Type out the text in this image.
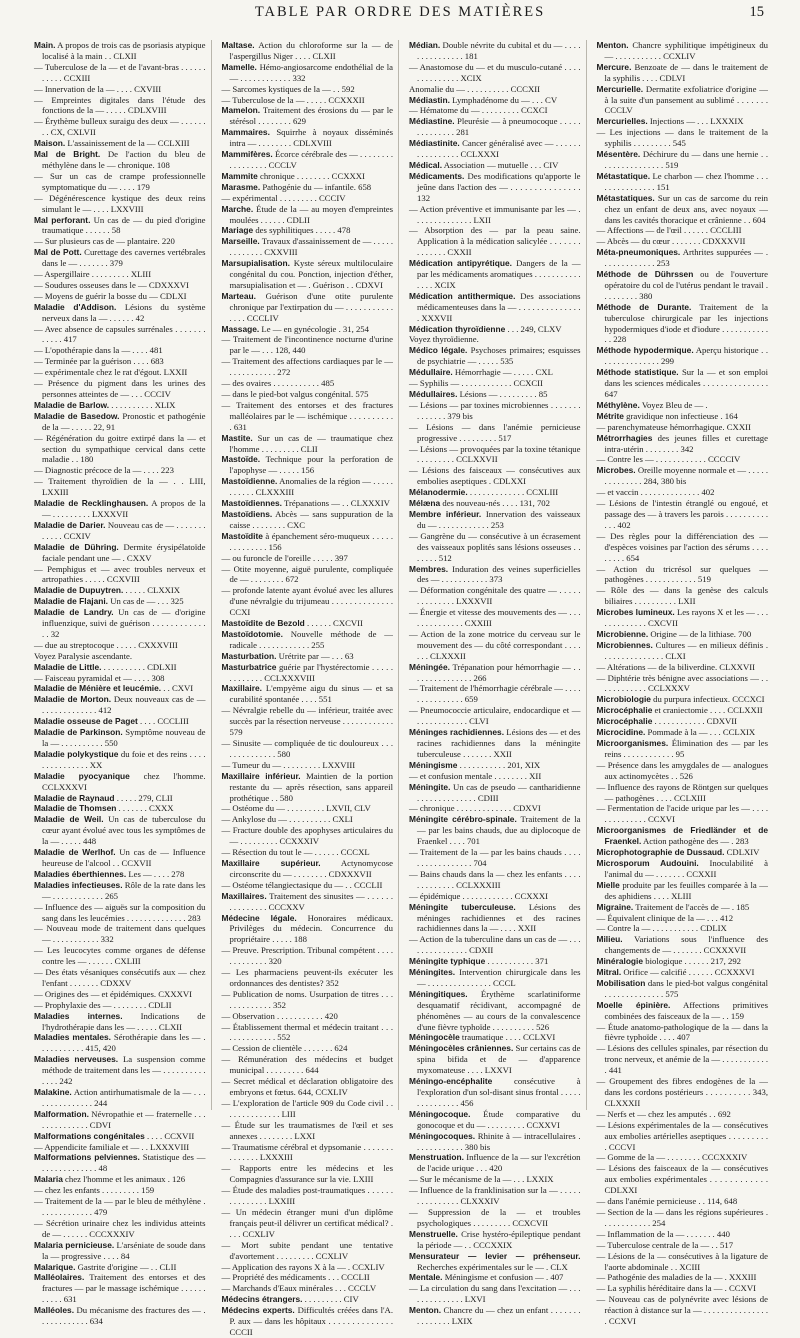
TABLE PAR ORDRE DES MATIÈRES	15

Main. A propos de trois cas de psoriasis atypique localisé à la main . . CLXII

— Tuberculose de la — et de l'avant-bras . . . . . . . . . . . CCXIII

— Innervation de la — . . . . CXVIII

— Empreintes digitales dans l'étude des fonctions de la — . . . . . CDLXVIII

— Érythème bulleux suraigu des deux — . . . . . . . . CX, CXLVII

Maison. L'assainissement de la — CCLXIII

Mal de Bright. De l'action du bleu de méthylène dans le — chronique. 108

— Sur un cas de crampe professionnelle symptomatique du — . . . . 179

— Dégénérescence kystique des deux reins simulant le — . . . . LXXVIII

Mal perforant. Un cas de — du pied d'origine traumatique . . . . . . 58

— Sur plusieurs cas de — plantaire. 220

Mal de Pott. Curettage des cavernes vertébrales dans le — . . . . . . . 379

— Aspergillaire . . . . . . . . . XLIII

— Soudures osseuses dans le — CDXXXVI

— Moyens de guérir la bosse du — CDLXI

Maladie d'Addison. Lésions du système nerveux dans la — . . . . . . 42

— Avec absence de capsules surrénales . . . . . . . . . . . . 417

— L'opothérapie dans la — . . . . 481

— Terminée par la guérison . . . . 683

— expérimentale chez le rat d'égout. LXXII

— Présence du pigment dans les urines des personnes atteintes de — . . . CCCIV

Maladie de Barlow. . . . . . . . . . . XLIX

Maladie de Basedow. Pronostic et pathogénie de la — . . . . . 22, 91

— Régénération du goitre extirpé dans la — et section du sympathique cervical dans cette maladie . . 180

— Diagnostic précoce de la — . . . . 223

— Traitement thyroïdien de la — . . LIII, LXXIII

Maladie de Recklinghausen. A propos de la — . . . . . . . . . LXXXVII

Maladie de Darier. Nouveau cas de — . . . . . . . . . . . . CCXIV

Maladie de Dühring. Dermite érysipélatoïde faciale pendant une — . CXXV

— Pemphigus et — avec troubles nerveux et artropathies . . . . . CCXVIII

Maladie de Dupuytren. . . . . . CLXXIX

Maladie de Flajani. Un cas de — . . . 325

Maladie de Landry. Un cas de — d'origine influenzique, suivi de guérison . . . . . . . . . . . . . . 32

— due au streptocoque . . . . . CXXXVIII

Voyez Paralysie ascendante.

Maladie de Little. . . . . . . . . . . CDLXII

— Faisceau pyramidal et — . . . . 308

Maladie de Ménière et leucémie. . . CXVI

Maladie de Morton. Deux nouveaux cas de — . . . . . . . . . . . . . 412

Maladie osseuse de Paget . . . . CCCLIII

Maladie de Parkinson. Symptôme nouveau de la — . . . . . . . . . . 550

Maladie polykystique du foie et des reins . . . . . . . . . . . . . . . XX

Maladie pyocyanique chez l'homme. CCLXXXVI

Maladie de Raynaud . . . . . 279, CLII

Maladie de Thomsen . . . . . . . CXXX

Maladie de Weil. Un cas de tuberculose du cœur ayant évolué avec tous les symptômes de la — . . . . . 448

Maladie de Werlhof. Un cas de — Influence heureuse de l'alcool . . CCXVII

Maladies éberthiennes. Les — . . . . 278

Maladies infectieuses. Rôle de la rate dans les — . . . . . . . . . . . . 265

— Influence des — aiguës sur la composition du sang dans les leucémies . . . . . . . . . . . . . . 283

— Nouveau mode de traitement dans quelques — . . . . . . . . . . . 332

— Les leucocytes comme organes de défense contre les — . . . . . . CXLIII

— Des états vésaniques consécutifs aux — chez l'enfant . . . . . . . CDXXV

— Origines des — et épidémiques. CXXXVI

— Prophylaxie des — . . . . . . . . CDLII

Maladies internes. Indications de l'hydrothérapie dans les — . . . . . CLXII

Maladies mentales. Sérothérapie dans les — . . . . . . . . . . . 415, 420

Maladies nerveuses. La suspension comme méthode de traitement dans les — . . . . . . . . . . . . . . 242

Malakine. Action antirhumatismale de la — . . . . . . . . . . . . . . . 244

Malformation. Névropathie et — fraternelle . . . . . . . . . . . . . . CDVI

Malformations congénitales . . . . CCXVII

— Appendicite familiale et — . . LXXXVIII

Malformations pelviennes. Statistique des — . . . . . . . . . . . . . 48

Malaria chez l'homme et les animaux . 126

— chez les enfants . . . . . . . . . 159

— Traitement de la — par le bleu de méthylène . . . . . . . . . . . . . 479

— Sécrétion urinaire chez les individus atteints de — . . . . . . CCCXXXIV

Malaria pernicieuse. L'arséniate de soude dans la — progressive . . . . 84

Malarique. Gastrite d'origine — . . CLII

Malléolaires. Traitement des entorses et des fractures — par le massage ischémique . . . . . . . . . . . 631

Malléoles. Du mécanisme des fractures des — . . . . . . . . . . . . 634

Maltase. Action du chloroforme sur la — de l'aspergillus Niger . . . . CLXII

Mamelle. Hémo-angiosarcome endothélial de la — . . . . . . . . . . . . 332

— Sarcomes kystiques de la — . . 592

— Tuberculose de la — . . . . . CCXXXII

Mamelon. Traitement des érosions du — par le stérésol . . . . . . . . 629

Mammaires. Squirrhe à noyaux disséminés intra — . . . . . . . . CDLXVIII

Mammifères. Écorce cérébrale des — . . . . . . . . . . . . . . . . . CCCLV

Mammite chronique . . . . . . . . CCXXXI

Marasme. Pathogénie du — infantile. 658

— expérimental . . . . . . . . . CCCIV

Marche. Étude de la — au moyen d'empreintes moulées . . . . . . CDLII

Mariage des syphilitiques . . . . . 478

Marseille. Travaux d'assainissement de — . . . . . . . . . . . . . CXXVIII

Marsupialisation. Kyste séreux multiloculaire congénital du cou. Ponction, injection d'éther, marsupialisation et — . Guérison . . CDXVI

Marteau. Guérison d'une otite purulente chronique par l'extirpation du — . . . . . . . . . . . . . . . CCCLIV

Massage. Le — en gynécologie . 31, 254

— Traitement de l'incontinence nocturne d'urine par le — . . . 128, 440

— Traitement des affections cardiaques par le — . . . . . . . . . . . 272

— des ovaires . . . . . . . . . . . 485

— dans le pied-bot valgus congénital. 575

— Traitement des entorses et des fractures malléolaires par le — ischémique . . . . . . . . . . . 631

Mastite. Sur un cas de — traumatique chez l'homme . . . . . . . . . CLII

Mastoïde. Technique pour la perforation de l'apophyse — . . . . . 156

Mastoïdienne. Anomalies de la région — . . . . . . . . . . . CLXXXIII

Mastoïdiennes. Trépanations — . . CLXXXIV

Mastoïdiens. Abcès — sans suppuration de la caisse . . . . . . . . CXC

Mastoïdite à épanchement séro-muqueux . . . . . . . . . . . . . . 156

— ou furoncle de l'oreille . . . . . 397

— Otite moyenne, aiguë purulente, compliquée de — . . . . . . . . 672

— profonde latente ayant évolué avec les allures d'une névralgie du trijumeau . . . . . . . . . . . . . . CCXI

Mastoïdite de Bezold . . . . . . CXCVII

Mastoïdotomie. Nouvelle méthode de — radicale . . . . . . . . . . . . 255

Masturbation. Urétrite par — . . . 63

Masturbatrice guérie par l'hystérectomie . . . . . . . . . . . . . CCLXXXVIII

Maxillaire. L'empyème aigu du sinus — et sa curabilité spontanée . . . . 551

— Névralgie rebelle du — inférieur, traitée avec succès par la résection nerveuse . . . . . . . . . . . . 579

— Sinusite — compliquée de tic douloureux . . . . . . . . . . . . . . 580

— Tumeur du — . . . . . . . . . LXXVIII

Maxillaire inférieur. Maintien de la portion restante du — après résection, sans appareil prothétique . . 580

— Ostéome du — . . . . . . . . . LXVII, CLV

— Ankylose du — . . . . . . . . . . CXLI

— Fracture double des apophyses articulaires du — . . . . . . . . . CCXXXIV

— Résection du tout le — . . . . . . CCCXL

Maxillaire supérieur. Actynomycose circonscrite du — . . . . . . . . CDXXXVII

— Ostéome télangiectasique du — . . CCCLII

Maxillaires. Traitement des sinusites — . . . . . . . . . . . . . . . CCCXXV

Médecine légale. Honoraires médicaux. Privilèges du médecin. Concurrence du propriétaire . . . . . 188

— Preuve. Prescription. Tribunal compétent . . . . . . . . . . . . . 320

— Les pharmaciens peuvent-ils exécuter les ordonnances des dentistes? 352

— Publication de noms. Usurpation de titres . . . . . . . . . . . . . 352

— Observation . . . . . . . . . . . 420

— Établissement thermal et médecin traitant . . . . . . . . . . . . . . 552

— Cession de clientèle . . . . . . . 624

— Rémunération des médecins et budget municipal . . . . . . . . . 644

— Secret médical et déclaration obligatoire des embryons et fœtus. 644, CCXLIV

— L'exploration de l'article 909 du Code civil . . . . . . . . . . . . . . LIII

— Étude sur les traumatismes de l'œil et ses annexes . . . . . . . . LXXI

— Traumatisme cérébral et dypsomanie . . . . . . . . . . . . . . LXXXIII

— Rapports entre les médecins et les Compagnies d'assurance sur la vie. LXIII

— Étude des maladies post-traumatiques . . . . . . . . . . . . . . . LXXIII

— Un médecin étranger muni d'un diplôme français peut-il délivrer un certificat médical? . . . . CCXLIV

— Mort subite pendant une tentative d'avortement . . . . . . . . . CCXLIV

— Application des rayons X à la — . CCXLIV

— Propriété des médicaments . . . CCCLII

— Marchands d'Eaux minérales . . . CCCLV

Médecins étrangers. . . . . . . . . . CIV

Médecins experts. Difficultés créées dans l'A. P. aux — dans les hôpitaux . . . . . . . . . . . . . . CCCII

Médian. Double névrite du cubital et du — . . . . . . . . . . . . . . . 181

— Anastomose du — et du musculo-cutané . . . . . . . . . . . . . . XCIX

Anomalie du — . . . . . . . . . . CCCXII

Médiastin. Lymphadénome du — . . . CV

— Hématome du — . . . . . . . . . CCXCI

Médiastine. Pleurésie — à pneumocoque . . . . . . . . . . . . . . 281

Médiastinite. Cancer généralisé avec — . . . . . . . . . . . . . . . . CCLXXXI

Médical. Association — mutuelle . . . CIV

Médicaments. Des modifications qu'apporte le jeûne dans l'action des — . . . . . . . . . . . . . . . 132

— Action préventive et immunisante par les — . . . . . . . . . . . . . . LXII

— Absorption des — par la peau saine. Application à la médication salicylée . . . . . . . . . . . . . . CXXII

Médication antipyrétique. Dangers de la — par les médicaments aromatiques . . . . . . . . . . . . . . . XCIX

Médication antithermique. Des associations médicamenteuses dans la — . . . . . . . . . . . . . . . XXXVII

Médication thyroïdienne . . . 249, CLXV

Voyez thyroïdienne.

Médico légale. Psychoses primaires; esquisses de psychiatrie — . . . . . 535

Médullaire. Hémorrhagie — . . . . . CXL

— Syphilis — . . . . . . . . . . . . CCXCII

Médullaires. Lésions — . . . . . . . . . 85

— Lésions — par toxines microbiennes . . . . . . . . . . . . . . 379 bis

— Lésions — dans l'anémie pernicieuse progressive . . . . . . . . . 517

— Lésions — provoquées par la toxine tétanique . . . . . . . . . CCLXXVII

— Lésions des faisceaux — consécutives aux embolies aseptiques . CDLXXI

Mélanodermie. . . . . . . . . . . . . . CCXLIII

Mélæna des nouveau-nés . . . . 131, 702

Membre inférieur. Innervation des vaisseaux du — . . . . . . . . . . . . 253

— Gangrène du — consécutive à un écrasement des vaisseaux poplités sans lésions osseuses . . . . . . . 512

Membres. Induration des veines superficielles des — . . . . . . . . . . . 373

— Déformation congénitale des quatre — . . . . . . . . . . . . . . LXXXVII

— Énergie et vitesse des mouvements des — . . . . . . . . . . . . . . CXXIII

— Action de la zone motrice du cerveau sur le mouvement des — du côté correspondant . . . . . . . CLXXXII

Méningée. Trépanation pour hémorrhagie — . . . . . . . . . . . . . . . 266

— Traitement de l'hémorrhagie cérébrale — . . . . . . . . . . . . . . . 659

— Pneumococcie articulaire, endocardique et — . . . . . . . . . . . . CLVI

Méninges rachidiennes. Lésions des — et des racines rachidiennes dans la méningite tuberculeuse . . . . . . . XXII

Méningisme . . . . . . . . . . . 201, XIX

— et confusion mentale . . . . . . . . XII

Méningite. Un cas de pseudo — cantharidienne . . . . . . . . . . . . . . CDIII

— chronique . . . . . . . . . . . . . CDXVI

Méningite cérébro-spinale. Traitement de la — par les bains chauds, due au diplocoque de Fraenkel . . . . 701

— Traitement de la — par les bains chauds . . . . . . . . . . . . . . . . . 704

— Bains chauds dans la — chez les enfants . . . . . . . . . . . . . CCLXXXIII

— épidémique . . . . . . . . . . . . CCXXXI

Méningite tuberculeuse. Lésions des méninges rachidiennes et des racines rachidiennes dans la — . . . . XXII

— Action de la tuberculine dans un cas de — . . . . . . . . . . . . . . . CDXII

Méningite typhique . . . . . . . . . . . 371

Méningites. Intervention chirurgicale dans les — . . . . . . . . . . . . . . . CCCL

Méningitiques. Érythème scarlatiniforme desquamatif récidivant, accompagné de phénomènes — au cours de la convalescence d'une fièvre typhoïde . . . . . . . . . . 526

Méningocèle traumatique . . . . CCLXVI

Méningocèles crâniennes. Sur certains cas de spina bifida et de — d'apparence myxomateuse . . . . LXXVI

Méningo-encéphalite consécutive à l'exploration d'un sol-disant sinus frontal . . . . . . . . . . . . . . . 456

Méningocoque. Étude comparative du gonocoque et du — . . . . . . . . . CCXXVI

Méningocoques. Rhinite à — intracellulaires . . . . . . . . . . . . 380 bis

Menstruation. Influence de la — sur l'excrétion de l'acide urique . . . 420

— Sur le mécanisme de la — . . . LXXIX

— Influence de la franklinisation sur la — . . . . . . . . . . . . . . . CLXXXIV

— Suppression de la — et troubles psychologiques . . . . . . . . . CCXCVII

Menstruelle. Crise hystéro-épileptique pendant la période — . . CCCXXIX

Mensurateur — levier — préhenseur. Recherches expérimentales sur le — . CLX

Mentale. Méningisme et confusion — . 407

— La circulation du sang dans l'excitation — . . . . . . . . . . . . . . LXVI

Menton. Chancre du — chez un enfant . . . . . . . . . . . . . . . LXIX

Menton. Chancre syphilitique impétigineux du — . . . . . . . . . . . CCXLIV

Mercure. Benzoate de — dans le traitement de la syphilis . . . . CDLVI

Mercurielle. Dermatite exfoliatrice d'origine — à la suite d'un pansement au sublimé . . . . . . . CCCLV

Mercurielles. Injections — . . . LXXXIX

— Les injections — dans le traitement de la syphilis . . . . . . . . . 545

Mésentère. Déchirure du — dans une hernie . . . . . . . . . . . . . . . . 519

Métastatique. Le charbon — chez l'homme . . . . . . . . . . . . . . . 151

Métastatiques. Sur un cas de sarcome du rein chez un enfant de deux ans, avec noyaux — dans les cavités thoracique et crânienne . . 604

— Affections — de l'œil . . . . . . CCCLIII

— Abcès — du cœur . . . . . . . CDXXXVII

Méta-pneumoniques. Arthrites suppurées — . . . . . . . . . . . . . 253

Méthode de Dührssen ou de l'ouverture opératoire du col de l'utérus pendant le travail . . . . . . . . . 380

Méthode de Durante. Traitement de la tuberculose chirurgicale par les injections hypodermiques d'iode et d'iodure . . . . . . . . . . . . . 228

Méthode hypodermique. Aperçu historique . . . . . . . . . . . . . . . 299

Méthode statistique. Sur la — et son emploi dans les sciences médicales . . . . . . . . . . . . . . . 647

Méthylène. Voyez Bleu de — .

Métrite gravidique non infectieuse . 164

— parenchymateuse hémorrhagique. CXXII

Métrorrhagies des jeunes filles et curettage intra-utérin . . . . . . . . 342

— Contre les — . . . . . . . . . . . . CCCCIV

Microbes. Oreille moyenne normale et — . . . . . . . . . . . . . . 284, 380 bis

— et vaccin . . . . . . . . . . . . . . 402

— Lésions de l'intestin étranglé ou engoué, et passage des — à travers les parois . . . . . . . . . . . . . 402

— Des règles pour la différenciation des — d'espèces voisines par l'action des sérums . . . . . . . . . 654

— Action du tricrésol sur quelques — pathogènes . . . . . . . . . . . . 519

— Rôle des — dans la genèse des calculs biliaires . . . . . . . . . . LXII

Microbes lumineux. Les rayons X et les — . . . . . . . . . . . . . CXCVII

Microbienne. Origine — de la lithiase. 700

Microbiennes. Cultures — en milieux définis . . . . . . . . . . . . . . . CLXI

— Altérations — de la biliverdine. CLXXVII

— Diphtérie très bénigne avec associations — . . . . . . . . . . . . CCLXXXV

Microbiologie du purpura infectieux. CCCXCI

Microcéphalie et craniectomie . . . . CCLXXII

Microcéphalie . . . . . . . . . . . . CDXVII

Microcidine. Pommade à la — . . . CCLXIX

Microorganismes. Élimination des — par les reins . . . . . . . . . . . . 95

— Présence dans les amygdales de — analogues aux actinomycètes . . 526

— Influence des rayons de Röntgen sur quelques — pathogènes . . . . CCLXIII

— Fermentation de l'acide urique par les — . . . . . . . . . . . . . . CCXVI

Microorganismes de Friedländer et de Fraenkel. Action pathogène des — . 283

Microphotographie de Dussaud. CDLXIV

Microsporum Audouini. Inoculabilité à l'animal du — . . . . . . . CCXXII

Mielle produite par les feuilles comparée à la — des aphidiens . . . . XLIII

Migraine. Traitement de l'accès de — . 185

— Équivalent clinique de la — . . . 412

— Contre la — . . . . . . . . . . . CDLIX

Milieu. Variations sous l'influence des changements de — . . . . . . . CCXXXVII

Minéralogie biologique . . . . . . 217, 292

Mitral. Orifice — calcifié . . . . . . CCXXXVI

Mobilisation dans le pied-bot valgus congénital . . . . . . . . . . . . . . 575

Moelle épinière. Affections primitives combinées des faisceaux de la — . . 159

— Étude anatomo-pathologique de la — dans la fièvre typhoïde . . . . 407

— Lésions des cellules spinales, par résection du tronc nerveux, et anémie de la — . . . . . . . . . . . . 441

— Groupement des fibres endogènes de la — dans les cordons postérieurs . . . . . . . . . . 343, CLXXXII

— Nerfs et — chez les amputés . . 692

— Lésions expérimentales de la — consécutives aux embolies artérielles aseptiques . . . . . . . . . . CCCVI

— Gomme de la — . . . . . . . . CCCXXXIV

— Lésions des faisceaux de la — consécutives aux embolies expérimentales . . . . . . . . . . . . CDLXXI

— dans l'anémie pernicieuse . . 114, 648

— Section de la — dans les régions supérieures . . . . . . . . . . . . 254

— Inflammation de la — . . . . . . . 440

— Tuberculose centrale de la — . . 517

— Lésions de la — consécutives à la ligature de l'aorte abdominale . . XCIII

— Pathogénie des maladies de la — . XXXIII

— La syphilis héréditaire dans la — . CCXVI

— Nouveau cas de polynévrite avec lésions de réaction à distance sur la — . . . . . . . . . . . . . . . . CCXVI
